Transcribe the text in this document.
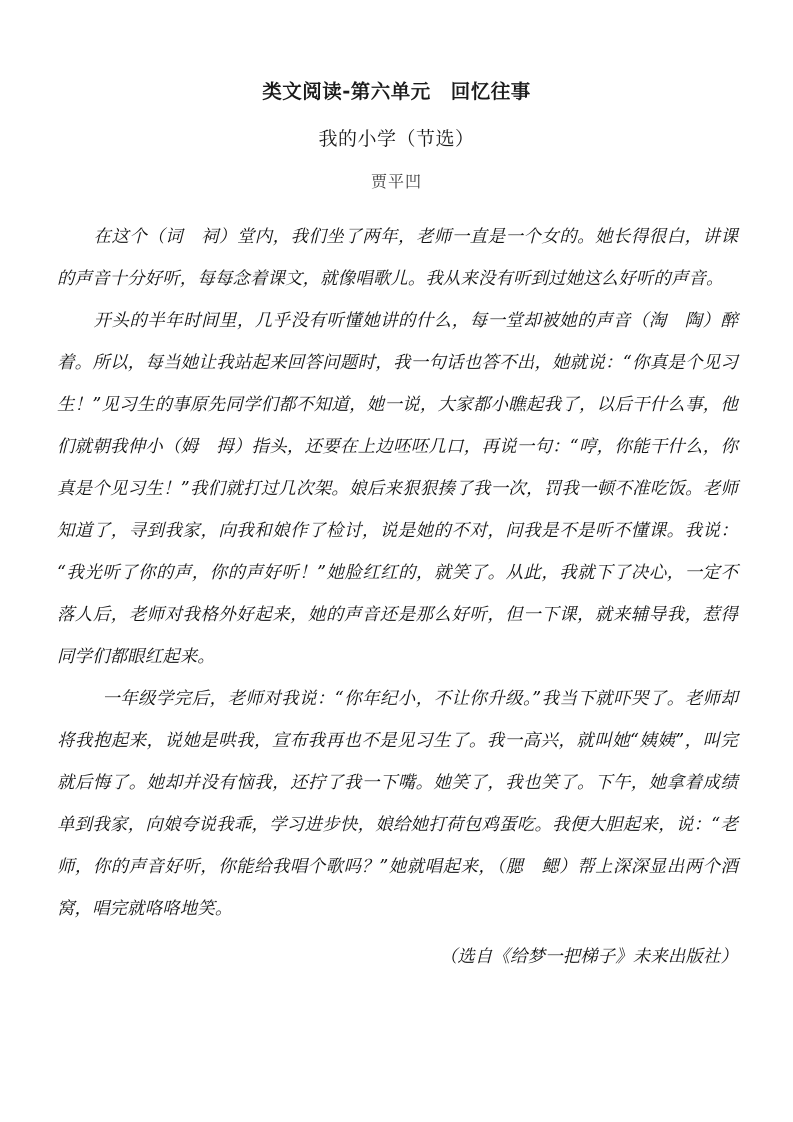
类文阅读-第六单元　回忆往事
我的小学（节选）
贾平凹

在这个（词　祠）堂内，我们坐了两年，老师一直是一个女的。她长得很白，讲课的声音十分好听，每每念着课文，就像唱歌儿。我从来没有听到过她这么好听的声音。

开头的半年时间里，几乎没有听懂她讲的什么，每一堂却被她的声音（淘　陶）醉着。所以，每当她让我站起来回答问题时，我一句话也答不出，她就说：“你真是个见习生！”见习生的事原先同学们都不知道，她一说，大家都小瞧起我了，以后干什么事，他们就朝我伸小（姆　拇）指头，还要在上边呸呸几口，再说一句：“哼，你能干什么，你真是个见习生！”我们就打过几次架。娘后来狠狠揍了我一次，罚我一顿不准吃饭。老师知道了，寻到我家，向我和娘作了检讨，说是她的不对，问我是不是听不懂课。我说：“我光听了你的声，你的声好听！”她脸红红的，就笑了。从此，我就下了决心，一定不落人后，老师对我格外好起来，她的声音还是那么好听，但一下课，就来辅导我，惹得同学们都眼红起来。

一年级学完后，老师对我说：“你年纪小，不让你升级。”我当下就吓哭了。老师却将我抱起来，说她是哄我，宣布我再也不是见习生了。我一高兴，就叫她“姨姨”，叫完就后悔了。她却并没有恼我，还拧了我一下嘴。她笑了，我也笑了。下午，她拿着成绩单到我家，向娘夸说我乖，学习进步快，娘给她打荷包鸡蛋吃。我便大胆起来，说：“老师，你的声音好听，你能给我唱个歌吗？”她就唱起来，（腮　鳃）帮上深深显出两个酒窝，唱完就咯咯地笑。

（选自《给梦一把梯子》未来出版社）
